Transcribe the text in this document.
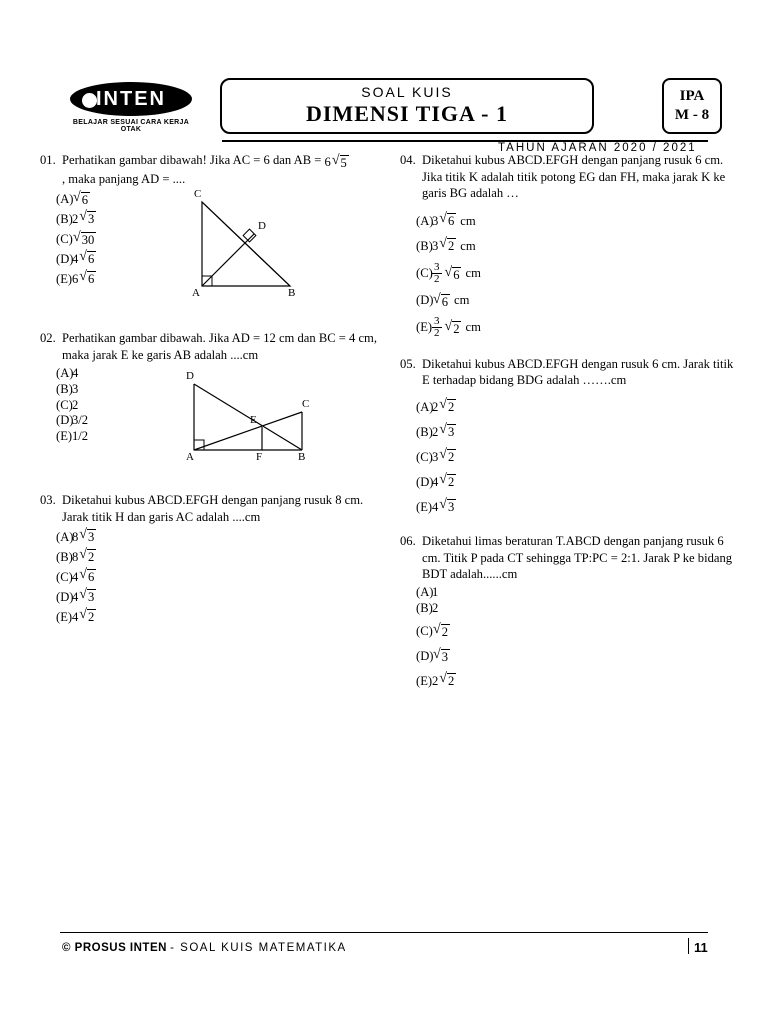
INTEN
BELAJAR SESUAI CARA KERJA OTAK
SOAL KUIS
DIMENSI TIGA - 1
IPA
M - 8
TAHUN AJARAN 2020 / 2021
01. Perhatikan gambar dibawah! Jika AC = 6 dan AB = 6 √ 5

, maka panjang AD = ....
(A) √ 6
(B) 2 √ 3
(C) √ 30
(D)
4 √ 6
(E) 6 √ 6
C
D
A	B
02. Perhatikan gambar dibawah. Jika AD = 12 cm dan BC = 4 cm, maka jarak E ke garis AB adalah ....cm
(A)
4
(B) 3
(C) 2
(D)
3/2
(E) 1/2
D
C
E
A	F	B
03. Diketahui kubus ABCD.EFGH dengan panjang rusuk 8 cm. Jarak titik H dan garis AC adalah ....cm
(A)
8 √ 3
(B) 8 √ 2
(C) 4 √ 6
(D)
4 √ 3
(E) 4 √ 2
04. Diketahui kubus ABCD.EFGH dengan panjang rusuk 6 cm. Jika titik K adalah titik potong EG dan FH, maka jarak K ke garis BG adalah …
(A)
3 √ 6 cm
(B) 3 √ 2 cm
$(C) \frac{3}{2}$ √ 6 cm
(D) √ 6 cm
$(E) \frac{3}{2}$ √ 2 cm
05. Diketahui kubus ABCD.EFGH dengan rusuk 6 cm. Jarak titik E terhadap bidang BDG adalah …….cm
(A)
2 √ 2
(B) 2 √ 3
(C) 3 √ 2
(D)
4 √ 2
(E) 4 √ 3
06. Diketahui limas beraturan T.ABCD dengan panjang rusuk 6 cm. Titik P pada CT sehingga TP:PC = 2:1. Jarak P ke bidang BDT adalah......cm
(A)
1
(B) 2
(C) √ 2
(D) √ 3
(E) 2 √ 2
© PROSUS INTEN - SOAL KUIS MATEMATIKA	11
